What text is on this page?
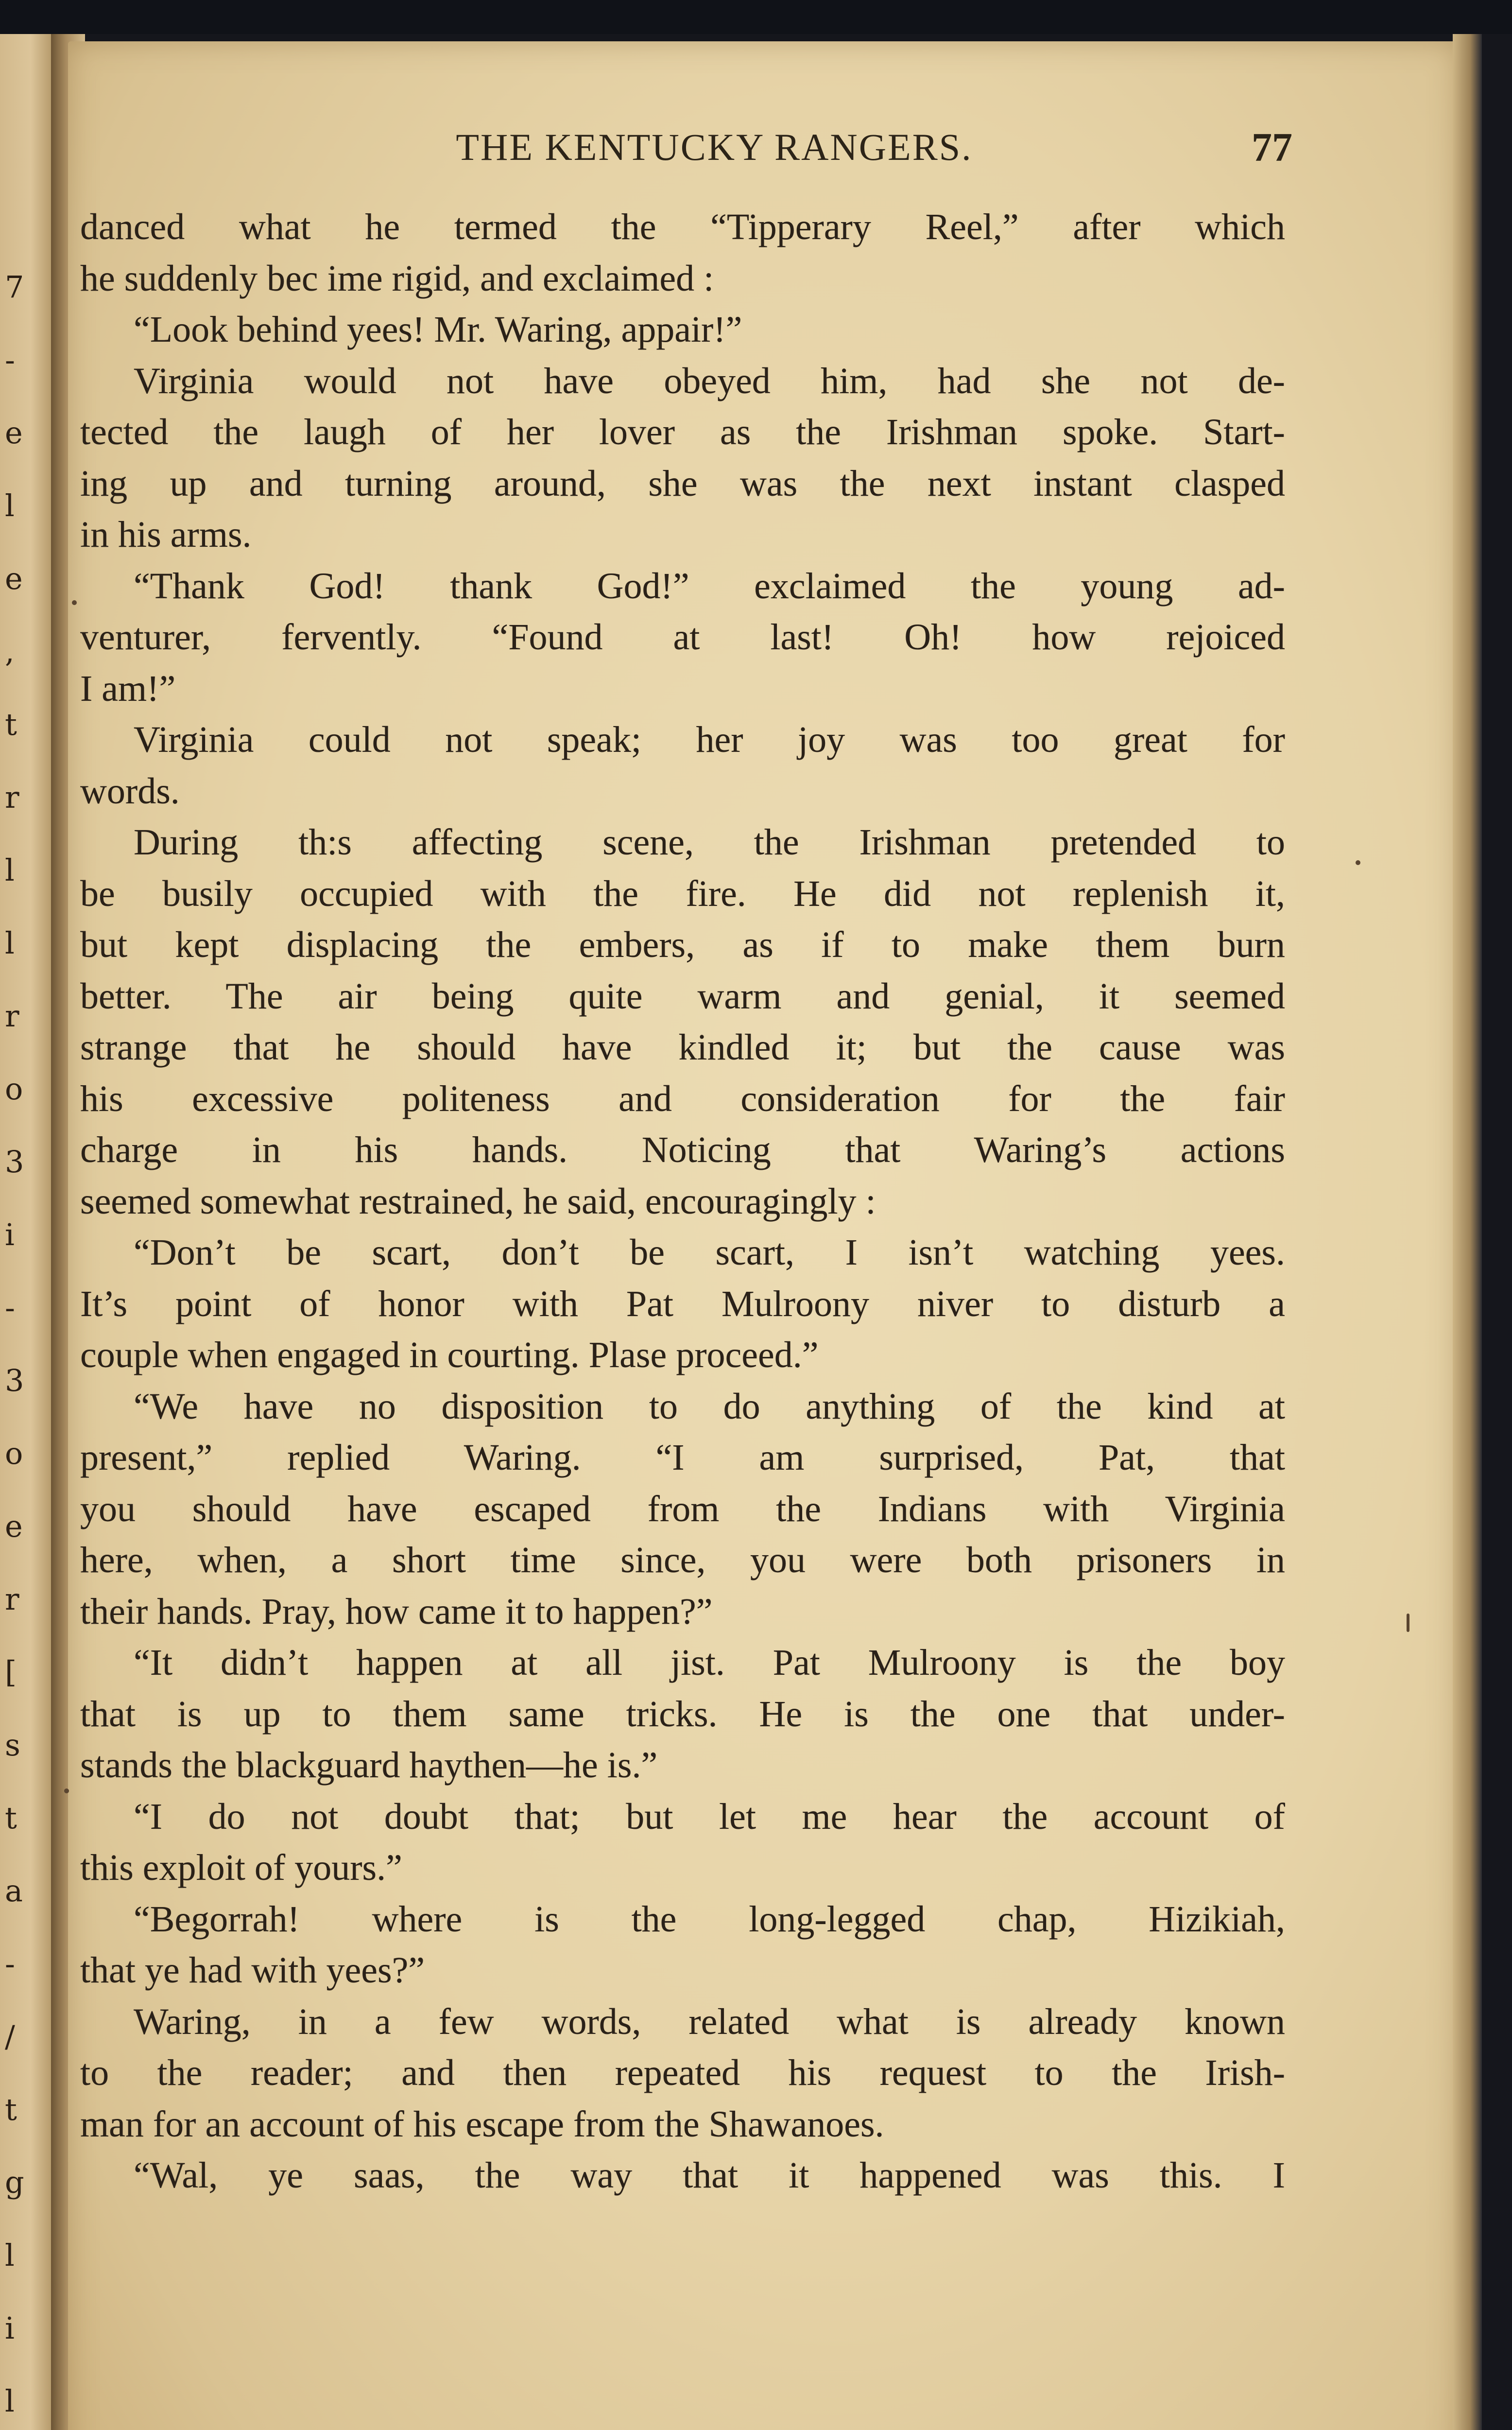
7
-
e
l
e
,
t
r
l
l
r
o
3
i
-
3
o
e
r
[
s
t
a
-
/
t
g
l
i
l
THE KENTUCKY RANGERS.	77
danced what he termed the “Tipperary Reel,” after which
he suddenly bec ime rigid, and exclaimed :
“Look behind yees! Mr. Waring, appair!”
Virginia would not have obeyed him, had she not de-
tected the laugh of her lover as the Irishman spoke. Start-
ing up and turning around, she was the next instant clasped
in his arms.
“Thank God! thank God!” exclaimed the young ad-
venturer, fervently. “Found at last! Oh! how rejoiced
I am!”
Virginia could not speak; her joy was too great for
words.
During th:s affecting scene, the Irishman pretended to
be busily occupied with the fire. He did not replenish it,
but kept displacing the embers, as if to make them burn
better. The air being quite warm and genial, it seemed
strange that he should have kindled it; but the cause was
his excessive politeness and consideration for the fair
charge in his hands. Noticing that Waring’s actions
seemed somewhat restrained, he said, encouragingly :
“Don’t be scart, don’t be scart, I isn’t watching yees.
It’s point of honor with Pat Mulroony niver to disturb a
couple when engaged in courting. Plase proceed.”
“We have no disposition to do anything of the kind at
present,” replied Waring. “I am surprised, Pat, that
you should have escaped from the Indians with Virginia
here, when, a short time since, you were both prisoners in
their hands. Pray, how came it to happen?”
“It didn’t happen at all jist. Pat Mulroony is the boy
that is up to them same tricks. He is the one that under-
stands the blackguard haythen—he is.”
“I do not doubt that; but let me hear the account of
this exploit of yours.”
“Begorrah! where is the long-legged chap, Hizikiah,
that ye had with yees?”
Waring, in a few words, related what is already known
to the reader; and then repeated his request to the Irish-
man for an account of his escape from the Shawanoes.
“Wal, ye saas, the way that it happened was this. I
